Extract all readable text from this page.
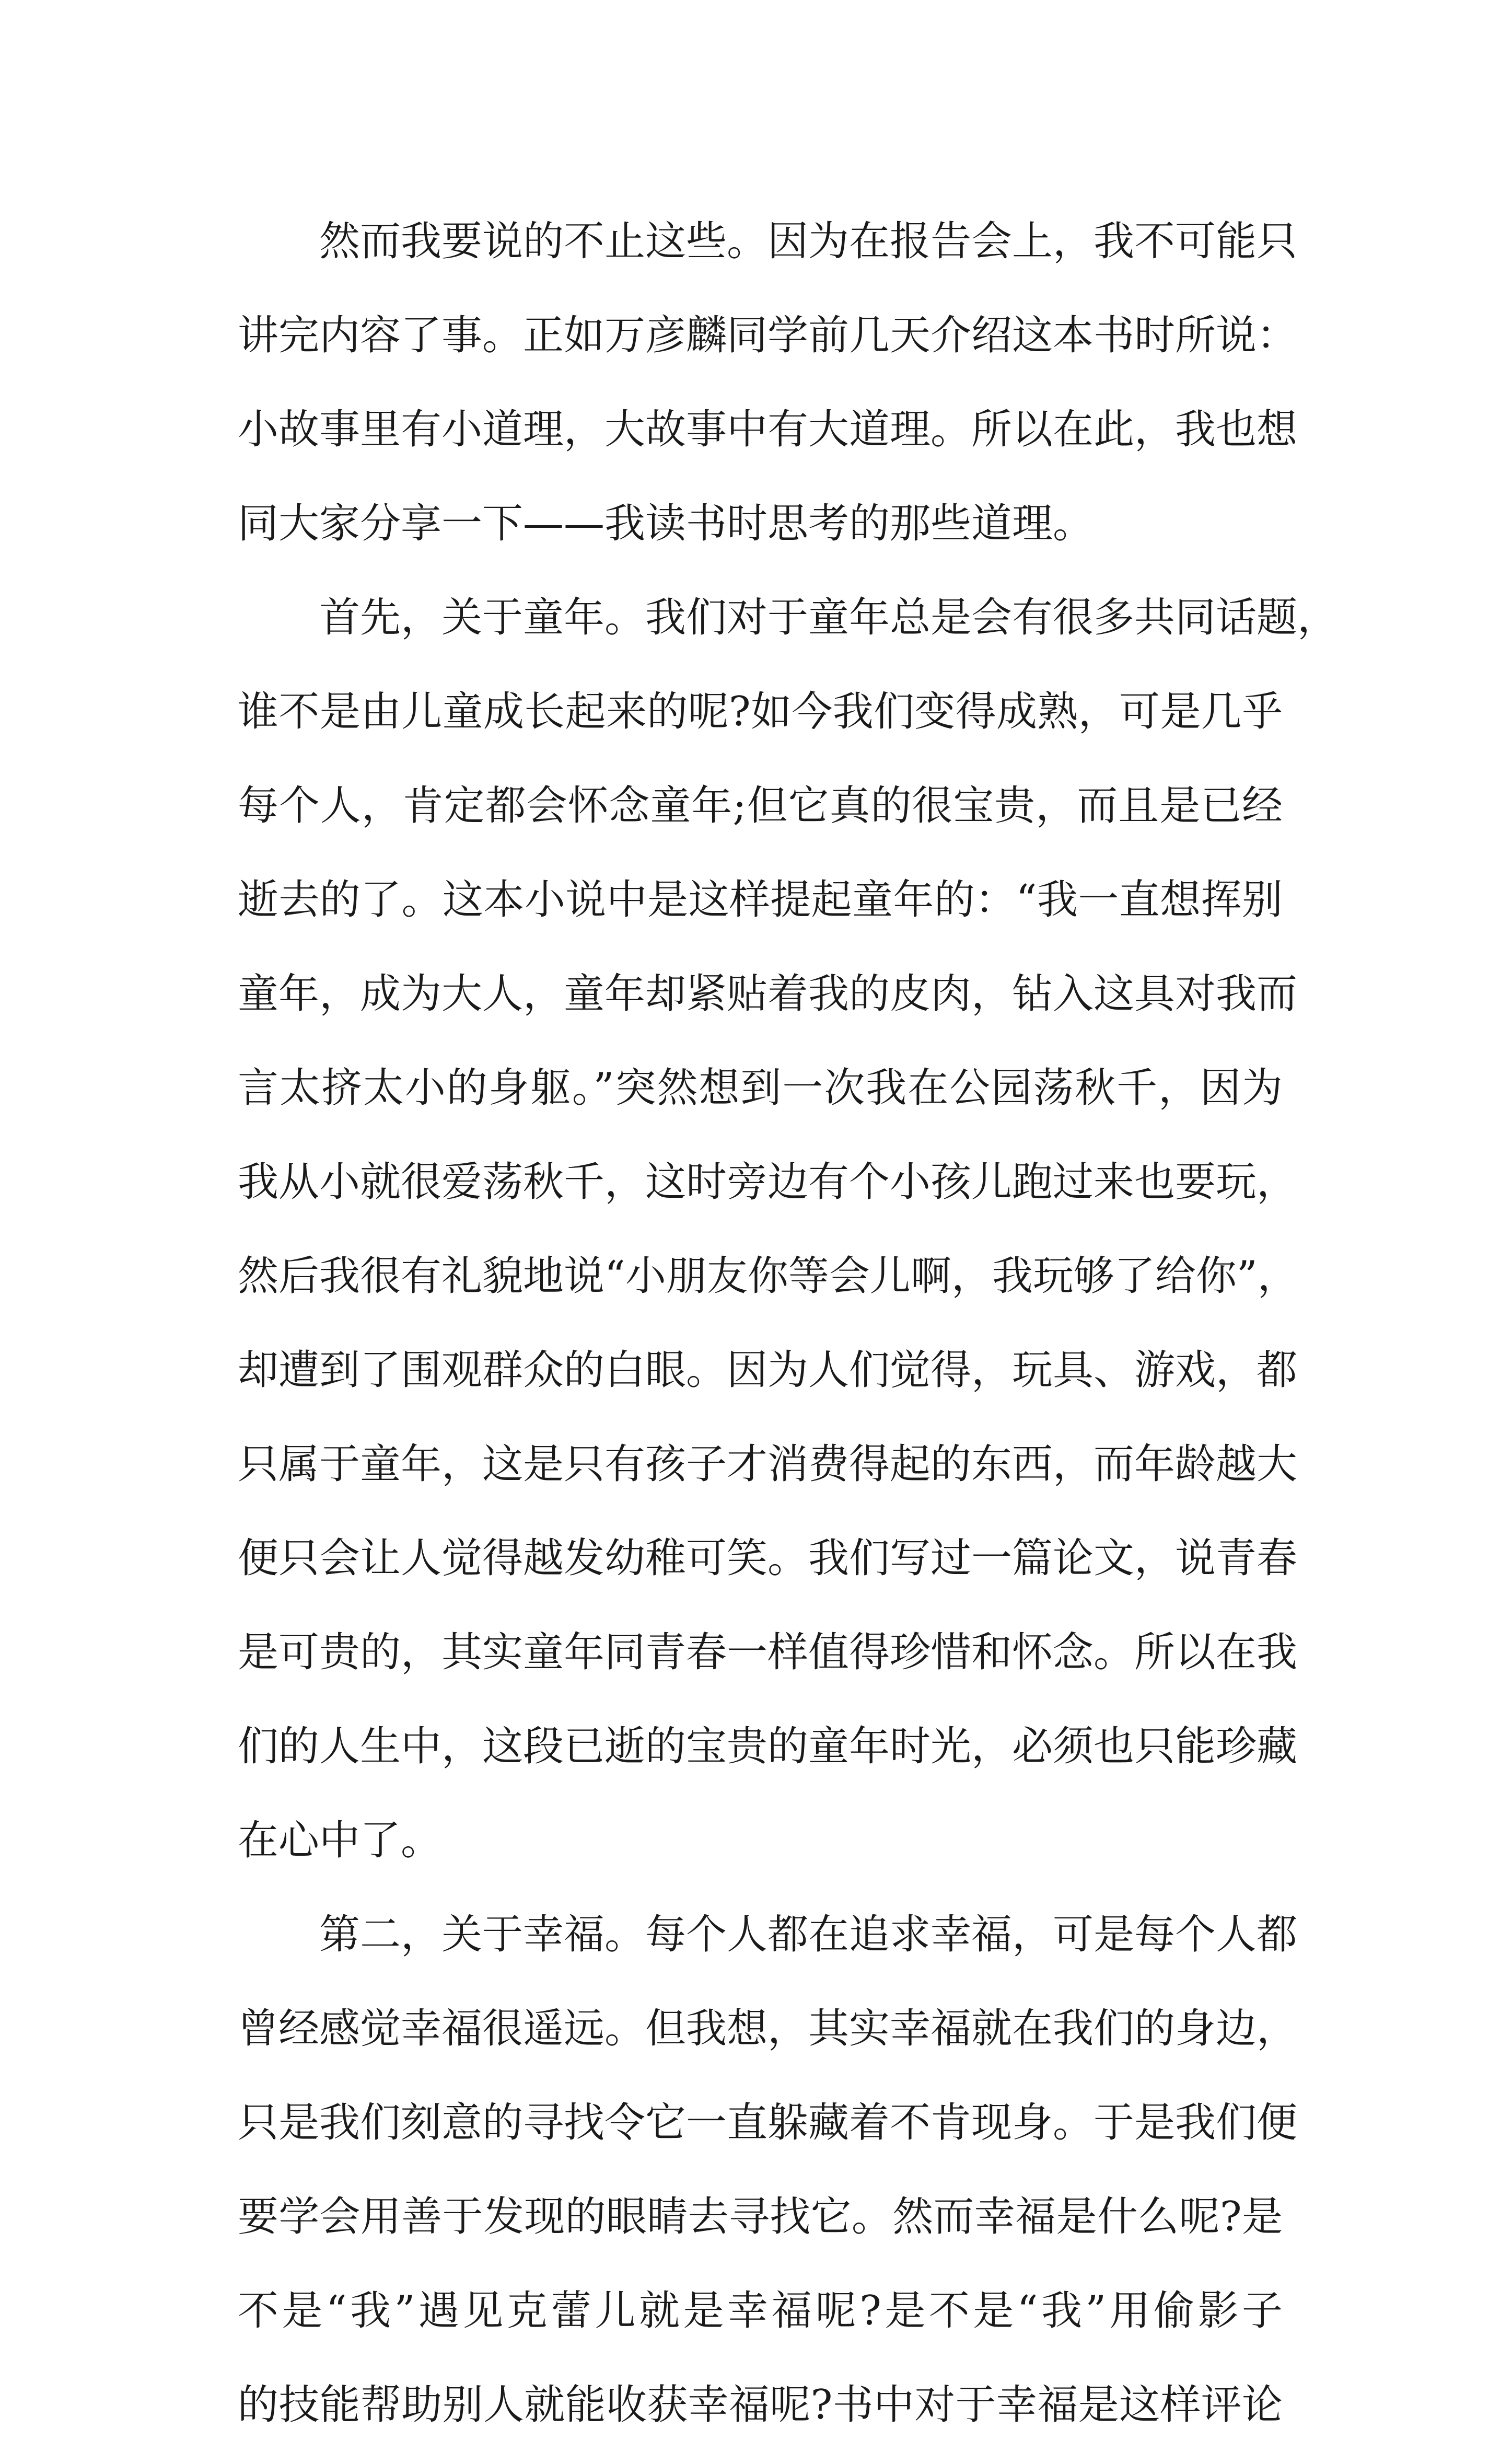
然而我要说的不止这些。因为在报告会上，我不可能只
讲完内容了事。正如万彦麟同学前几天介绍这本书时所说：
小故事里有小道理，大故事中有大道理。所以在此，我也想
同大家分享一下——我读书时思考的那些道理。
首先，关于童年。我们对于童年总是会有很多共同话题，
谁不是由儿童成长起来的呢?如今我们变得成熟，可是几乎
每个人，肯定都会怀念童年;但它真的很宝贵，而且是已经
逝去的了。这本小说中是这样提起童年的：“我一直想挥别
童年，成为大人，童年却紧贴着我的皮肉，钻入这具对我而
言太挤太小的身躯。”突然想到一次我在公园荡秋千，因为
我从小就很爱荡秋千，这时旁边有个小孩儿跑过来也要玩，
然后我很有礼貌地说“小朋友你等会儿啊，我玩够了给你”，
却遭到了围观群众的白眼。因为人们觉得，玩具、游戏，都
只属于童年，这是只有孩子才消费得起的东西，而年龄越大
便只会让人觉得越发幼稚可笑。我们写过一篇论文，说青春
是可贵的，其实童年同青春一样值得珍惜和怀念。所以在我
们的人生中，这段已逝的宝贵的童年时光，必须也只能珍藏
在心中了。
第二，关于幸福。每个人都在追求幸福，可是每个人都
曾经感觉幸福很遥远。但我想，其实幸福就在我们的身边，
只是我们刻意的寻找令它一直躲藏着不肯现身。于是我们便
要学会用善于发现的眼睛去寻找它。然而幸福是什么呢?是
不是“我”遇见克蕾儿就是幸福呢?是不是“我”用偷影子
的技能帮助别人就能收获幸福呢?书中对于幸福是这样评论
